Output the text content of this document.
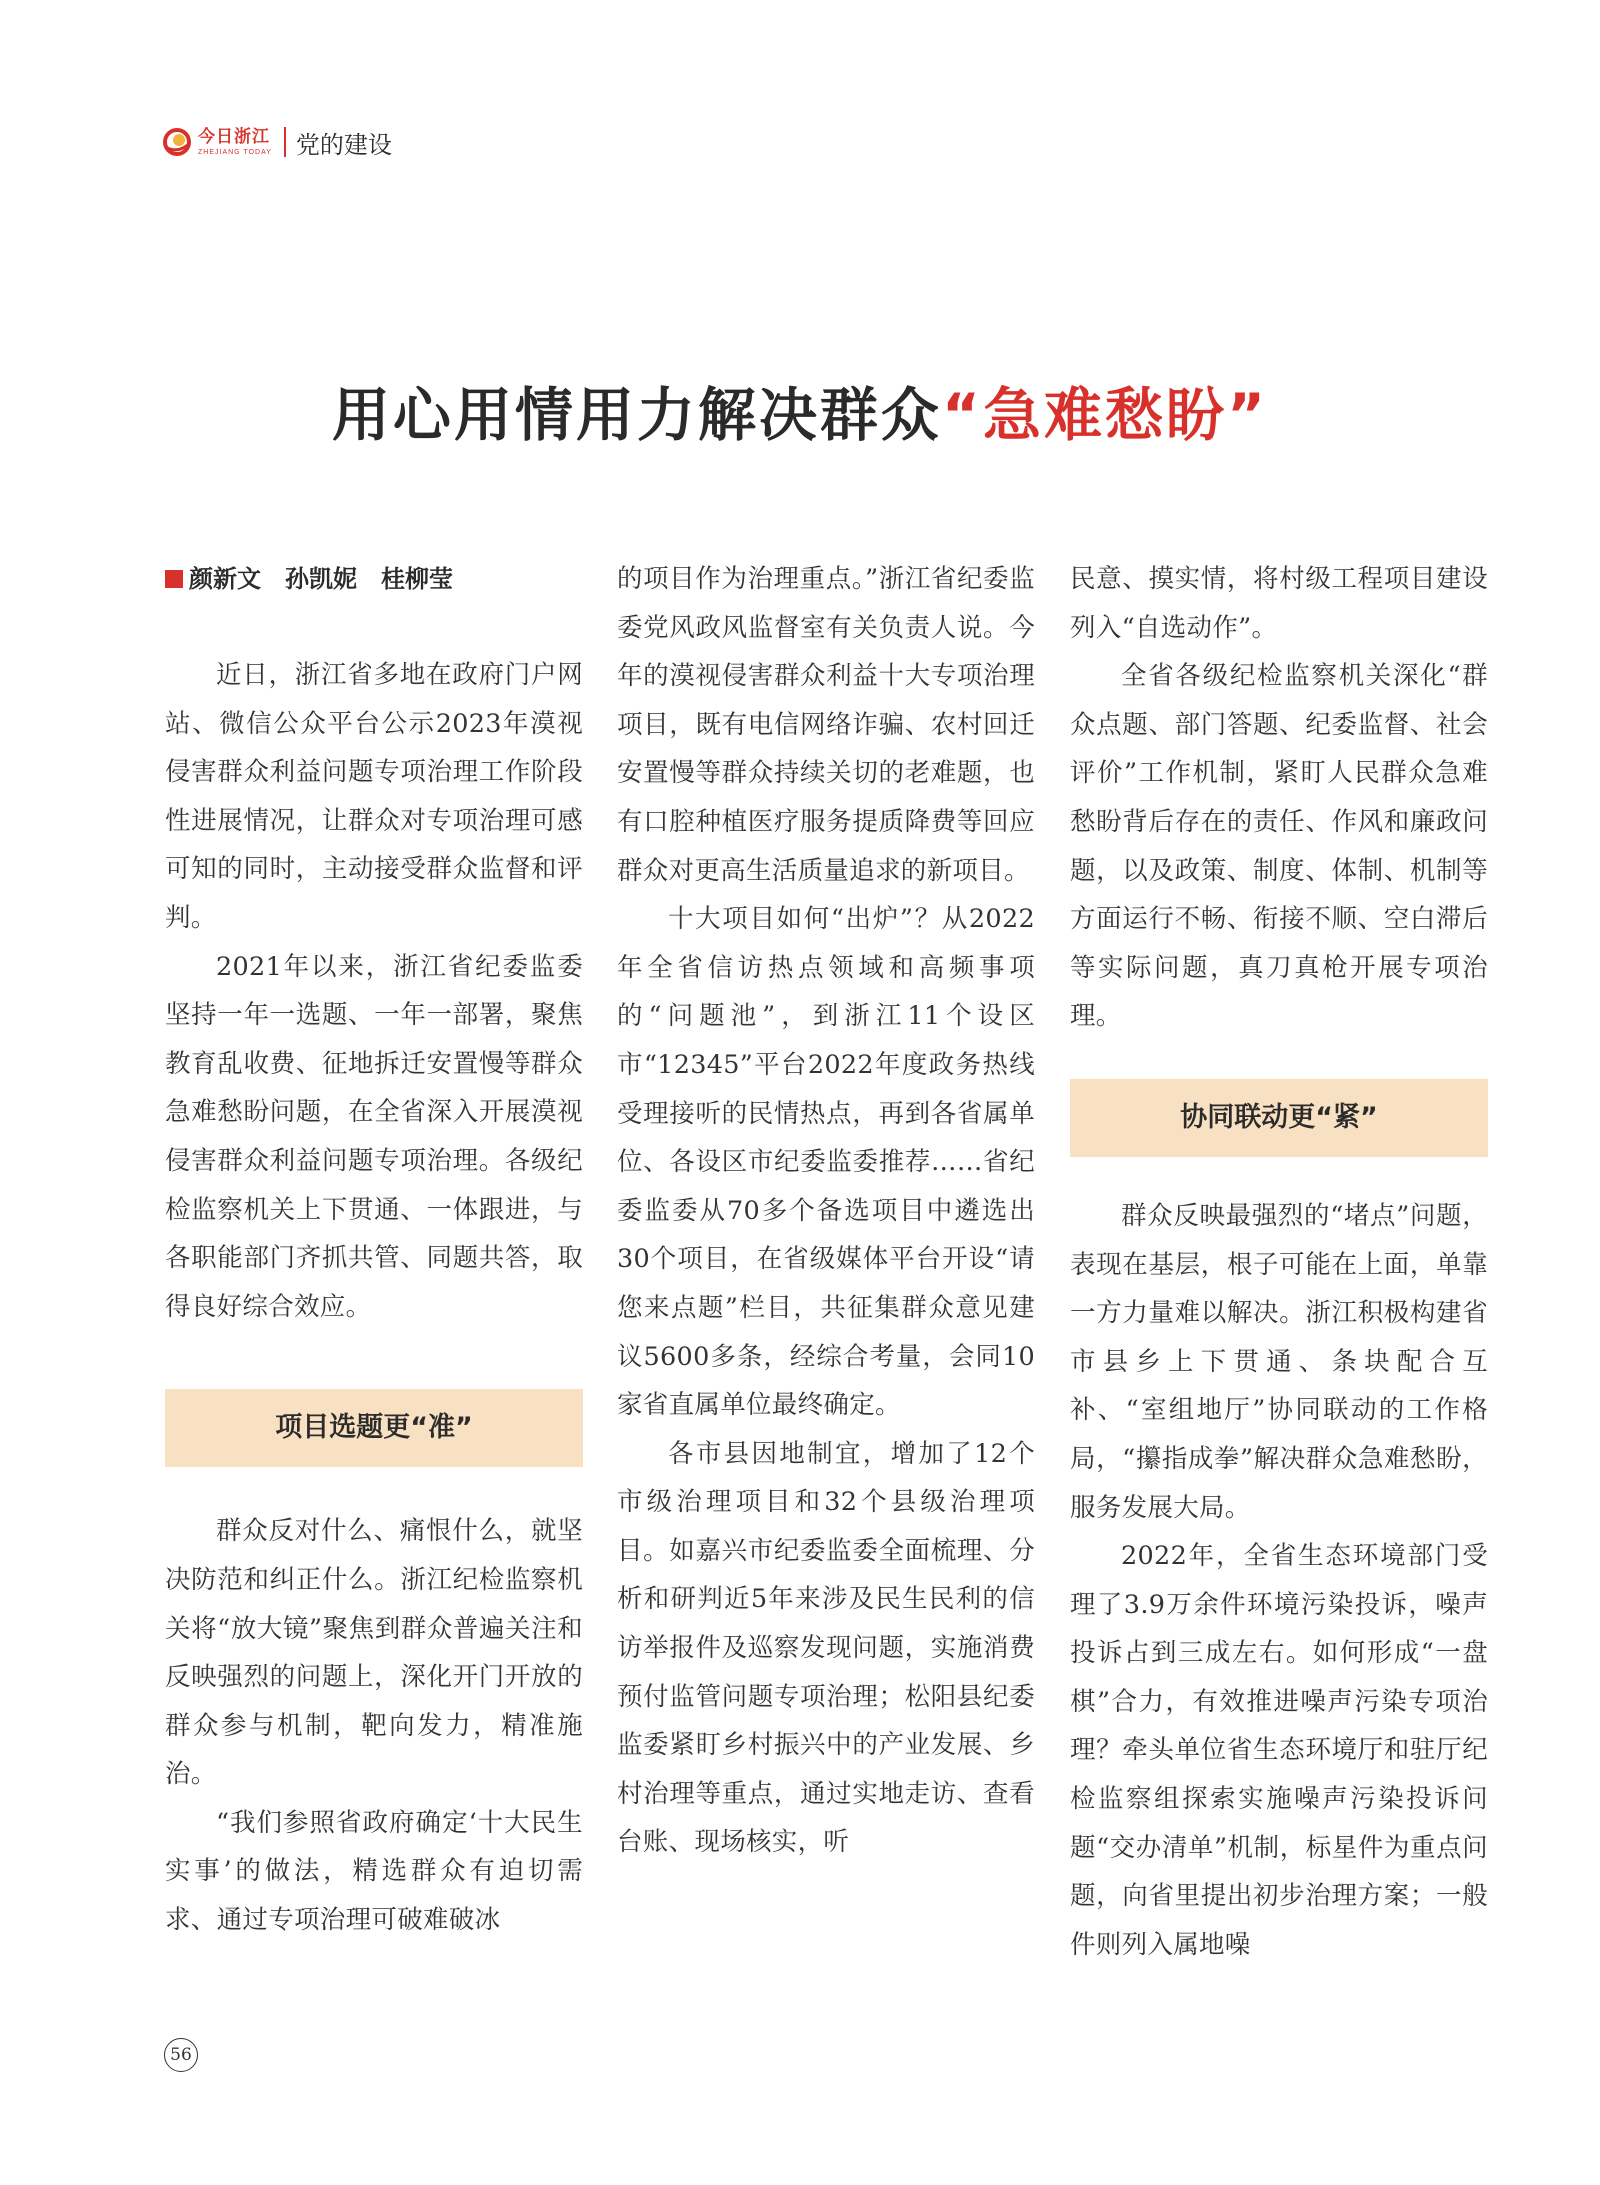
今日浙江
ZHEJIANG TODAY 党的建设
用心用情用力解决群众“急难愁盼”
颜新文　孙凯妮　桂柳莹

近日，浙江省多地在政府门户网站、微信公众平台公示2023年漠视侵害群众利益问题专项治理工作阶段性进展情况，让群众对专项治理可感可知的同时，主动接受群众监督和评判。

2021年以来，浙江省纪委监委坚持一年一选题、一年一部署，聚焦教育乱收费、征地拆迁安置慢等群众急难愁盼问题，在全省深入开展漠视侵害群众利益问题专项治理。各级纪检监察机关上下贯通、一体跟进，与各职能部门齐抓共管、同题共答，取得良好综合效应。

项目选题更“准”

群众反对什么、痛恨什么，就坚决防范和纠正什么。浙江纪检监察机关将“放大镜”聚焦到群众普遍关注和反映强烈的问题上，深化开门开放的群众参与机制，靶向发力，精准施治。

“我们参照省政府确定‘十大民生实事’的做法，精选群众有迫切需求、通过专项治理可破难破冰

的项目作为治理重点。”浙江省纪委监委党风政风监督室有关负责人说。今年的漠视侵害群众利益十大专项治理项目，既有电信网络诈骗、农村回迁安置慢等群众持续关切的老难题，也有口腔种植医疗服务提质降费等回应群众对更高生活质量追求的新项目。

十大项目如何“出炉”？从2022年全省信访热点领域和高频事项的“问题池”，到浙江11个设区市“12345”平台2022年度政务热线受理接听的民情热点，再到各省属单位、各设区市纪委监委推荐……省纪委监委从70多个备选项目中遴选出30个项目，在省级媒体平台开设“请您来点题”栏目，共征集群众意见建议5600多条，经综合考量，会同10家省直属单位最终确定。

各市县因地制宜，增加了12个市级治理项目和32个县级治理项目。如嘉兴市纪委监委全面梳理、分析和研判近5年来涉及民生民利的信访举报件及巡察发现问题，实施消费预付监管问题专项治理；松阳县纪委监委紧盯乡村振兴中的产业发展、乡村治理等重点，通过实地走访、查看台账、现场核实，听

民意、摸实情，将村级工程项目建设列入“自选动作”。

全省各级纪检监察机关深化“群众点题、部门答题、纪委监督、社会评价”工作机制，紧盯人民群众急难愁盼背后存在的责任、作风和廉政问题，以及政策、制度、体制、机制等方面运行不畅、衔接不顺、空白滞后等实际问题，真刀真枪开展专项治理。

协同联动更“紧”

群众反映最强烈的“堵点”问题，表现在基层，根子可能在上面，单靠一方力量难以解决。浙江积极构建省市县乡上下贯通、条块配合互补、“室组地厅”协同联动的工作格局，“攥指成拳”解决群众急难愁盼，服务发展大局。

2022年，全省生态环境部门受理了3.9万余件环境污染投诉，噪声投诉占到三成左右。如何形成“一盘棋”合力，有效推进噪声污染专项治理？牵头单位省生态环境厅和驻厅纪检监察组探索实施噪声污染投诉问题“交办清单”机制，标星件为重点问题，向省里提出初步治理方案；一般件则列入属地噪

56
